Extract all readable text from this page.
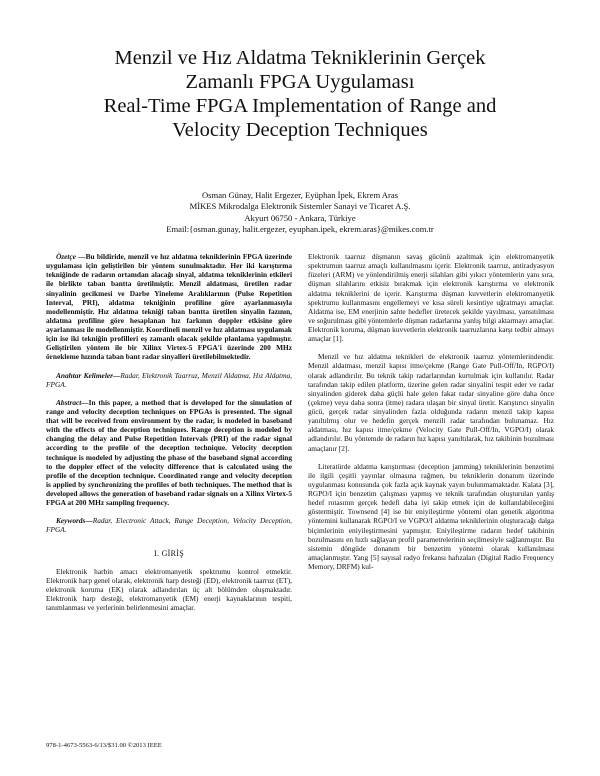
Menzil ve Hız Aldatma Tekniklerinin Gerçek
Zamanlı FPGA Uygulaması
Real-Time FPGA Implementation of Range and
Velocity Deception Techniques
Osman Günay, Halit Ergezer, Eyüphan İpek, Ekrem Aras
MİKES Mikrodalga Elektronik Sistemler Sanayi ve Ticaret A.Ş.
Akyurt 06750 - Ankara, Türkiye
Email:{osman.gunay, halit.ergezer, eyuphan.ipek, ekrem.aras}@mikes.com.tr

Özetçe —Bu bildiride, menzil ve hız aldatma tekniklerinin FPGA üzerinde uygulaması için geliştirilen bir yöntem sunulmaktadır. Her iki karıştırma tekniğinde de radarın ortamdan alacağı sinyal, aldatma tekniklerinin etkileri ile birlikte taban bantta üretilmiştir. Menzil aldatması, üretilen radar sinyalinin gecikmesi ve Darbe Yineleme Aralıklarının (Pulse Repetition Interval, PRI), aldatma tekniğinin profiline göre ayarlanmasıyla modellenmiştir. Hız aldatma tekniği taban bantta üretilen sinyalin fazının, aldatma profiline göre hesaplanan hız farkının doppler etkisine göre ayarlanması ile modellenmiştir. Koordineli menzil ve hız aldatması uygulamak için ise iki tekniğin profilleri eş zamanlı olacak şekilde planlama yapılmıştır. Geliştirilen yöntem ile bir Xilinx Virtex-5 FPGA'i üzerinde 200 MHz örnekleme hızında taban bant radar sinyalleri üretilebilmektedir.

Anahtar Kelimeler—Radar, Elektronik Taarruz, Menzil Aldatma, Hız Aldatma, FPGA.

Abstract—In this paper, a method that is developed for the simulation of range and velocity deception techniques on FPGAs is presented. The signal that will be received from environment by the radar, is modeled in baseband with the effects of the deception techniques. Range deception is modeled by changing the delay and Pulse Repetition Intervals (PRI) of the radar signal according to the profile of the deception technique. Velocity deception technique is modeled by adjusting the phase of the baseband signal according to the doppler effect of the velocity difference that is calculated using the profile of the deception technique. Coordinated range and velocity deception is applied by synchronizing the profiles of both techniques. The method that is developed allows the generation of baseband radar signals on a Xilinx Virtex-5 FPGA at 200 MHz sampling frequency.

Keywords—Radar, Electronic Attack, Range Deception, Velocity Deception, FPGA.

I. GİRİŞ

Elektronik harbin amacı elektromanyetik spektrumu kontrol etmektir. Elektronik harp genel olarak, elektronik harp desteği (ED), elektronik taarruz (ET), elektronik koruma (EK) olarak adlandırılan üç alt bölümden oluşmaktadır. Elektronik harp desteği, elektromanyetik (EM) enerji kaynaklarının tespiti, tanımlanması ve yerlerinin belirlenmesini amaçlar.

Elektronik taarruz düşmanın savaş gücünü azaltmak için elektromanyetik spektrumun taarruz amaçlı kullanılmasını içerir. Elektronik taarruz, antiradyasyon füzeleri (ARM) ve yönlendirilmiş enerji silahları gibi yıkıcı yöntemlerin yanı sıra, düşman silahlarını etkisiz bırakmak için elektronik karıştırma ve elektronik aldatma tekniklerini de içerir. Karıştırma düşman kuvvetlerin elektromanyetik spektrumu kullanmasını engellemeyi ve kısa süreli kesintiye uğratmayı amaçlar. Aldatma ise, EM enerjinin sahte hedefler üretecek şekilde yayılması, yansıtılması ve soğurulması gibi yöntemlerle düşman radarlarına yanlış bilgi aktarmayı amaçlar. Elektronik koruma, düşman kuvvetlerin elektronik taarruzlarına karşı tedbir almayı amaçlar [1].

Menzil ve hız aldatma teknikleri de elektronik taarruz yöntemlerindendir. Menzil aldatması, menzil kapısı itme/çekme (Range Gate Pull-Off/In, RGPO/I) olarak adlandırılır. Bu teknik takip radarlarından kurtulmak için kullanılır. Radar tarafından takip edilen platform, üzerine gelen radar sinyalini tespit eder ve radar sinyalinden giderek daha güçlü hale gelen fakat radar sinyaline göre daha önce (çekme) veya daha sonra (itme) radara ulaşan bir sinyal üretir. Karıştırıcı sinyalin gücü, gerçek radar sinyalinden fazla olduğunda radarın menzil takip kapısı yanıltılmış olur ve hedefin gerçek menzili radar tarafından bulunamaz. Hız aldatması, hız kapısı itme/çekme (Velocity Gate Pull-Off/In, VGPO/I) olarak adlandırılır. Bu yöntemde de radarın hız kapısı yanıltılarak, hız takibinin bozulması amaçlanır [2].

Literatürde aldatma karıştırması (deception jamming) tekniklerinin benzetimi ile ilgili çeşitli yayınlar olmasına rağmen, bu tekniklerin donanım üzerinde uygulanması konusunda çok fazla açık kaynak yayın bulunmamaktadır. Kalata [3], RGPO/I için benzetim çalışması yapmış ve teknik tarafından oluşturulan yanlış hedef rotasının gerçek hedefi daha iyi takip etmek için de kullanılabileceğini göstermiştir. Townsend [4] ise bir eniyileştirme yöntemi olan genetik algoritma yöntemini kullanarak RGPO/I ve VGPO/I aldatma tekniklerinin oluşturacağı dalga biçimlerinin eniyileştirmesini yapmıştır. Eniyileştirme radarın hedef takibinin bozulmasını en hızlı sağlayan profil parametrelerinin seçilmesiyle sağlanmıştır. Bu sistemin döngüde donanım bir benzetim yöntemi olarak kullanılması amaçlanmıştır. Yang [5] sayısal radyo frekansı hafızaları (Digital Radio Frequency Memory, DRFM) kul-

978-1-4673-5563-6/13/$31.00 ©2013 IEEE
